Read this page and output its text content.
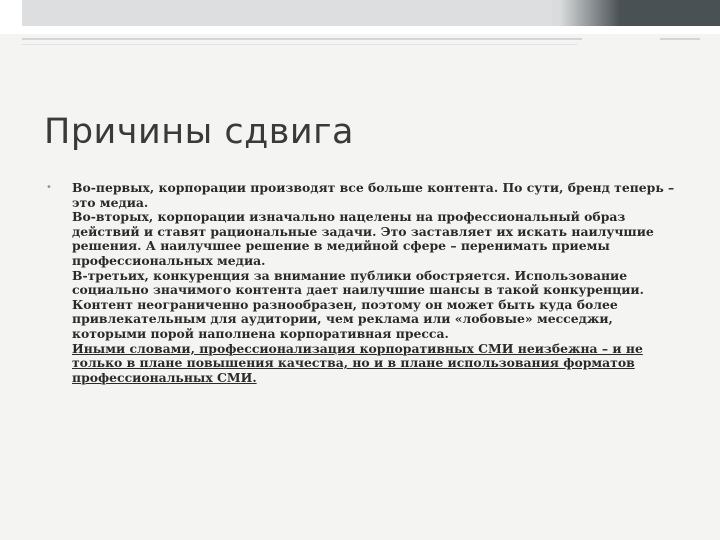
Причины сдвига
• Во-первых, корпорации производят все больше контента. По сути, бренд теперь – это медиа.
Во-вторых, корпорации изначально нацелены на профессиональный образ действий и ставят рациональные задачи. Это заставляет их искать наилучшие решения. А наилучшее решение в медийной сфере – перенимать приемы профессиональных медиа.
В-третьих, конкуренция за внимание публики обостряется. Использование социально значимого контента дает наилучшие шансы в такой конкуренции. Контент неограниченно разнообразен, поэтому он может быть куда более привлекательным для аудитории, чем реклама или «лобовые» месседжи, которыми порой наполнена корпоративная пресса.
Иными словами, профессионализация корпоративных СМИ неизбежна – и не только в плане повышения качества, но и в плане использования форматов профессиональных СМИ.
